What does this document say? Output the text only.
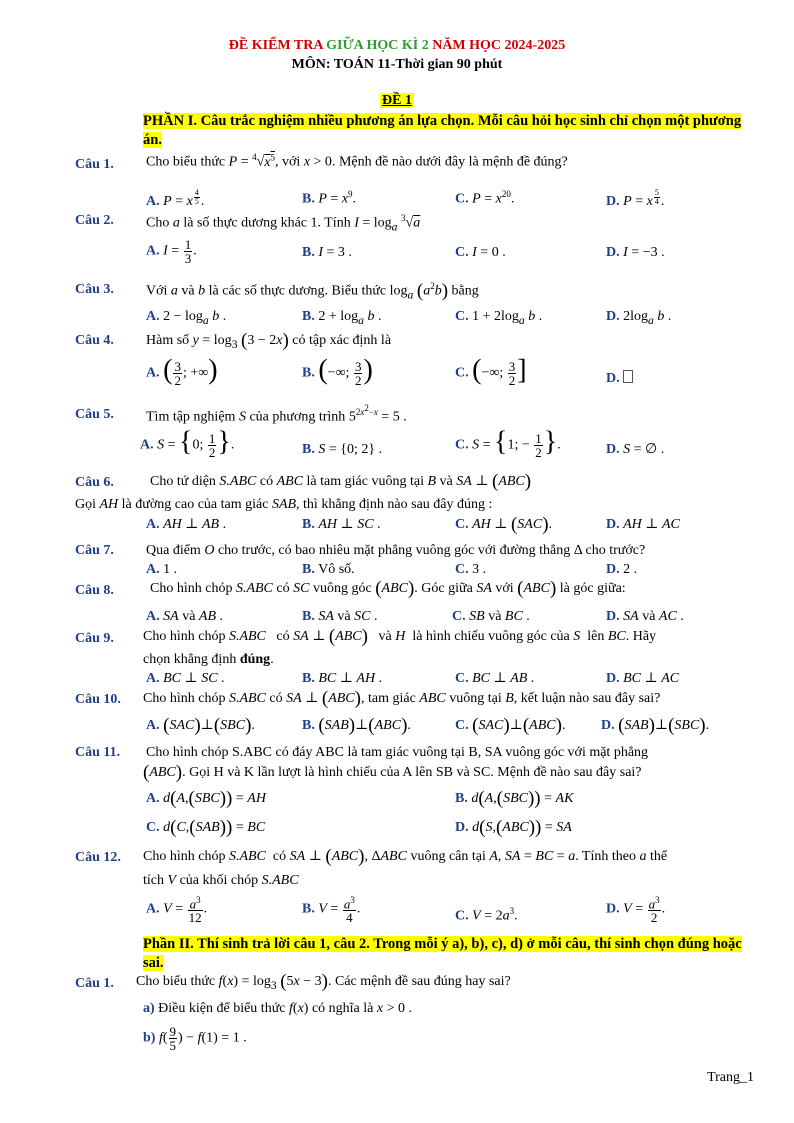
ĐỀ KIỂM TRA GIỮA HỌC KÌ 2 NĂM HỌC 2024-2025
MÔN: TOÁN 11-Thời gian 90 phút
ĐỀ 1
PHẦN I. Câu trắc nghiệm nhiều phương án lựa chọn. Mỗi câu hỏi học sinh chỉ chọn một phương án.
Câu 1. Cho biểu thức $P = ^4√x^5$, với x > 0. Mệnh đề nào dưới đây là mệnh đề đúng?
A. P = x $^{\frac{4}{5}}$ .	B. $P = x^9$.	C. $P = x^{20}$.	D. P = x $^{\frac{5}{4}}$ .
Câu 2. Cho a là số thực dương khác 1. Tính $I = \log_a ^3√a$
A. $I = \frac{1}{3}$ .	B. I = 3 .	C. I = 0 .	D. I = −3 .
Câu 3. Với a và b là các số thực dương. Biểu thức $\log_a (a^2b)$ bằng
A. $2 - \log_a b$ .	B. $2 + \log_a b$ .	C. $1 + 2\log_a$ b .	D. $2\log_a$ b .
Câu 4. Hàm số $y = \log_3 (3 - 2x)$ có tập xác định là
A. ( $\frac{3}{2}$ ; +∞)	B. (−∞; $\frac{3}{2}$ )	C. (−∞; $\frac{3}{2}$ ]	D.
Câu 5. Tìm tập nghiệm S của phương trình $5^{2x^2-x} = 5$ .
A. S = {0; $\frac{1}{2}$ }.	B. S = {0; 2} .	C. S = {1; − $\frac{1}{2}$ }.	D. S = ∅ .
Câu 6.	Cho tứ diện S.ABC có ABC là tam giác vuông tại B và SA ⊥ (ABC)
Gọi AH là đường cao của tam giác SAB, thì khẳng định nào sau đây đúng :
A. AH ⊥ AB .	B. AH ⊥ SC .	C. AH ⊥ (SAC).	D. AH ⊥ AC
Câu 7. Qua điểm O cho trước, có bao nhiêu mặt phẳng vuông góc với đường thẳng Δ cho trước?
A. 1 .	B. Vô số.	C. 3 .	D. 2 .
Câu 8.	Cho hình chóp S.ABC có SC vuông góc (ABC). Góc giữa SA với (ABC) là góc giữa:
A. SA và AB .	B. SA và SC .	C. SB và BC .	D. SA và AC .
Câu 9. Cho hình chóp S.ABC   có SA ⊥ (ABC)   và H  là hình chiếu vuông góc của S  lên BC. Hãy
chọn khẳng định đúng.
A. BC ⊥ SC .	B. BC ⊥ AH .	C. BC ⊥ AB .	D. BC ⊥ AC
Câu 10. Cho hình chóp S.ABC có SA ⊥ (ABC), tam giác ABC vuông tại B, kết luận nào sau đây sai?
A. (SAC)⊥(SBC).	B. (SAB)⊥(ABC).	C. (SAC)⊥(ABC).	D. (SAB)⊥(SBC).
Câu 11. Cho hình chóp S.ABC có đáy ABC là tam giác vuông tại B, SA vuông góc với mặt phẳng
(ABC). Gọi H và K lần lượt là hình chiếu của A lên SB và SC. Mệnh đề nào sau đây sai?
A. d(A,(SBC)) = AH	B. d(A,(SBC)) = AK
C. d(C,(SAB)) = BC	D. d(S,(ABC)) = SA
Câu 12. Cho hình chóp S.ABC  có SA ⊥ (ABC), ΔABC vuông cân tại A, SA = BC = a. Tính theo a thể
tích V của khối chóp S.ABC
A. $V = \frac{a^3}{12}$ .	B. $V = \frac{a^3}{4}$ .	C. $V = 2a^3$.	D. $V = \frac{a^3}{2}$ .
Phần II. Thí sinh trả lời câu 1, câu 2. Trong mỗi ý a), b), c), d) ở mỗi câu, thí sinh chọn đúng hoặc sai.
Câu 1. Cho biểu thức $f(x) = \log_3 (5x - 3)$. Các mệnh đề sau đúng hay sai?
a) Điều kiện để biểu thức f(x) có nghĩa là x > 0 .
b) $f( \frac{9}{5}$ ) − f(1) = 1 .
Trang_1
